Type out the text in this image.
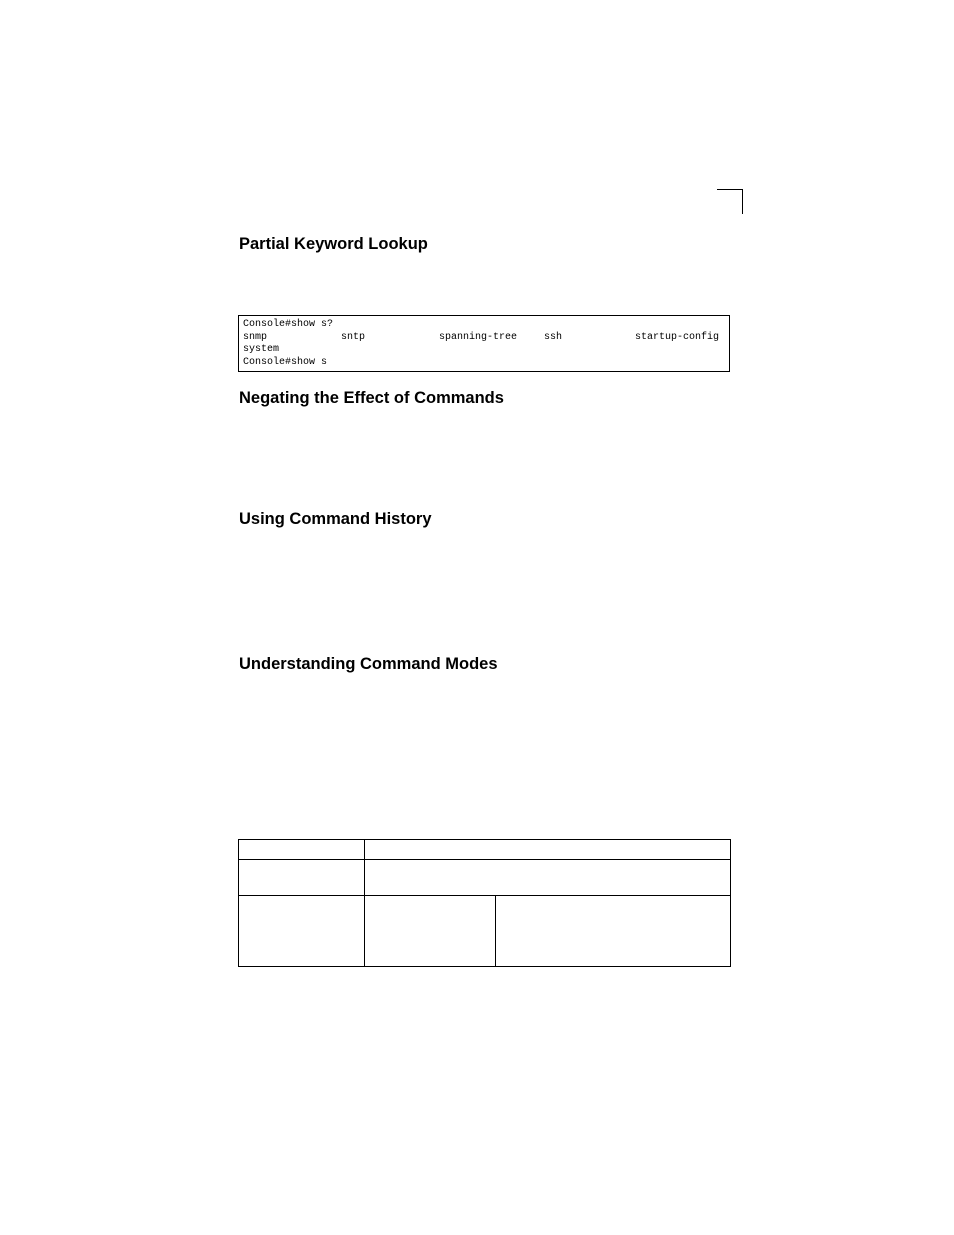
Partial Keyword Lookup
Console#show s?
snmp	sntp	spanning-tree	ssh	startup-config
system
Console#show s
Negating the Effect of Commands
Using Command History
Understanding Command Modes
